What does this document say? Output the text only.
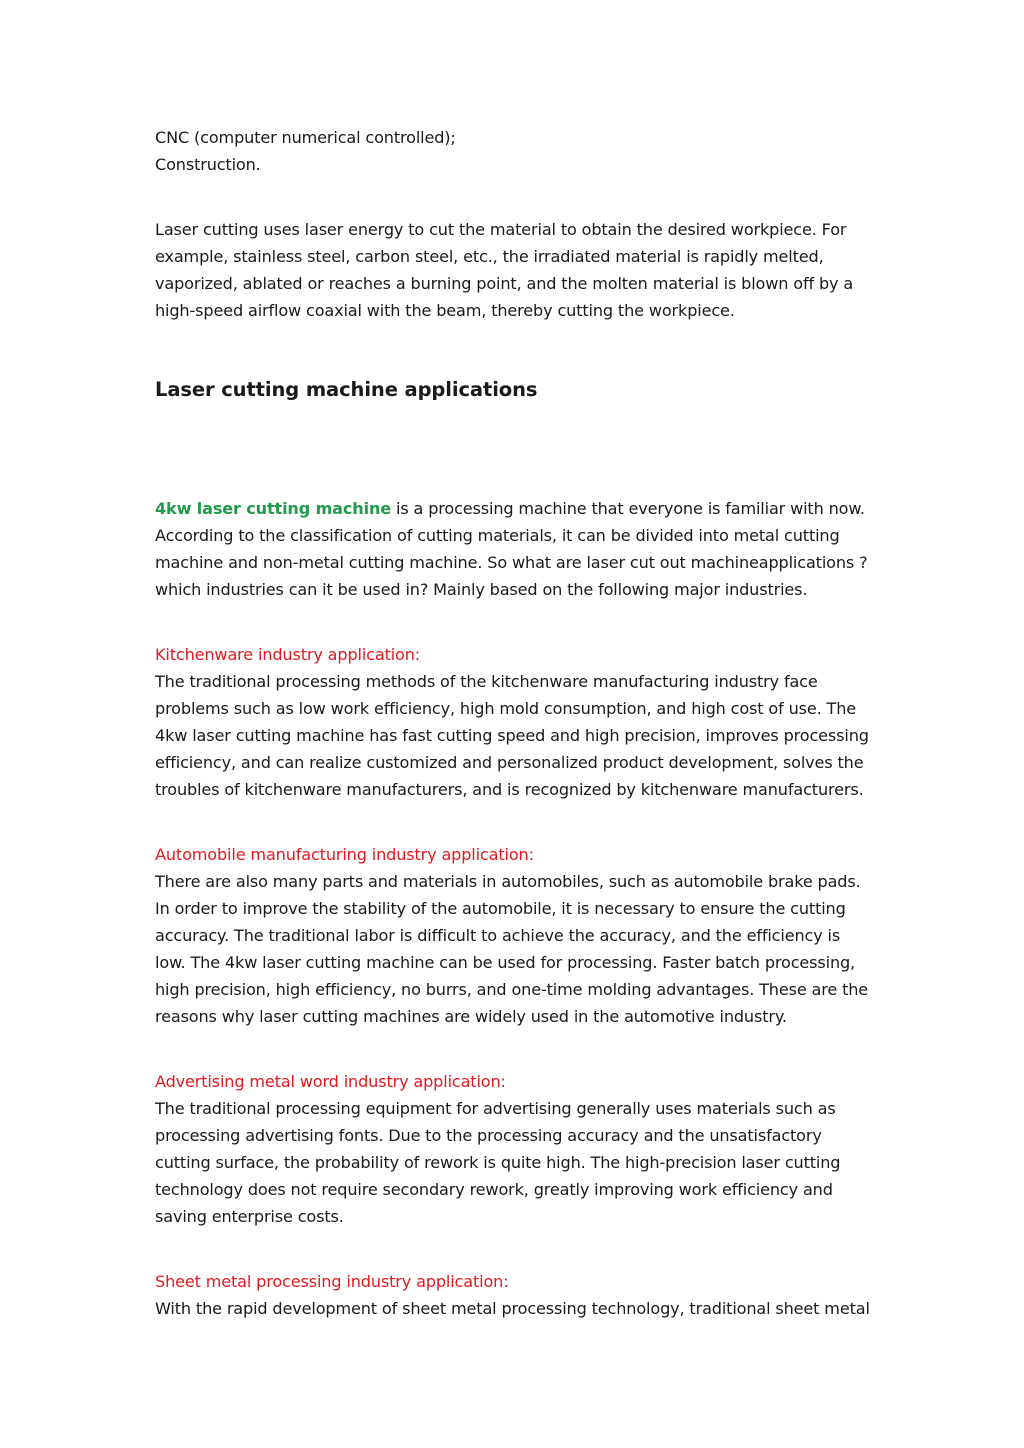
CNC (computer numerical controlled);

Construction.

Laser cutting uses laser energy to cut the material to obtain the desired workpiece. For example, stainless steel, carbon steel, etc., the irradiated material is rapidly melted, vaporized, ablated or reaches a burning point, and the molten material is blown off by a high-speed airflow coaxial with the beam, thereby cutting the workpiece.

Laser cutting machine applications

4kw laser cutting machine is a processing machine that everyone is familiar with now. According to the classification of cutting materials, it can be divided into metal cutting machine and non-metal cutting machine. So what are laser cut out machineapplications ? which industries can it be used in? Mainly based on the following major industries.

Kitchenware industry application:

The traditional processing methods of the kitchenware manufacturing industry face problems such as low work efficiency, high mold consumption, and high cost of use. The 4kw laser cutting machine has fast cutting speed and high precision, improves processing efficiency, and can realize customized and personalized product development, solves the troubles of kitchenware manufacturers, and is recognized by kitchenware manufacturers.

Automobile manufacturing industry application:

There are also many parts and materials in automobiles, such as automobile brake pads. In order to improve the stability of the automobile, it is necessary to ensure the cutting accuracy. The traditional labor is difficult to achieve the accuracy, and the efficiency is low. The 4kw laser cutting machine can be used for processing. Faster batch processing, high precision, high efficiency, no burrs, and one-time molding advantages. These are the reasons why laser cutting machines are widely used in the automotive industry.

Advertising metal word industry application:

The traditional processing equipment for advertising generally uses materials such as processing advertising fonts. Due to the processing accuracy and the unsatisfactory cutting surface, the probability of rework is quite high. The high-precision laser cutting technology does not require secondary rework, greatly improving work efficiency and saving enterprise costs.

Sheet metal processing industry application:

With the rapid development of sheet metal processing technology, traditional sheet metal
